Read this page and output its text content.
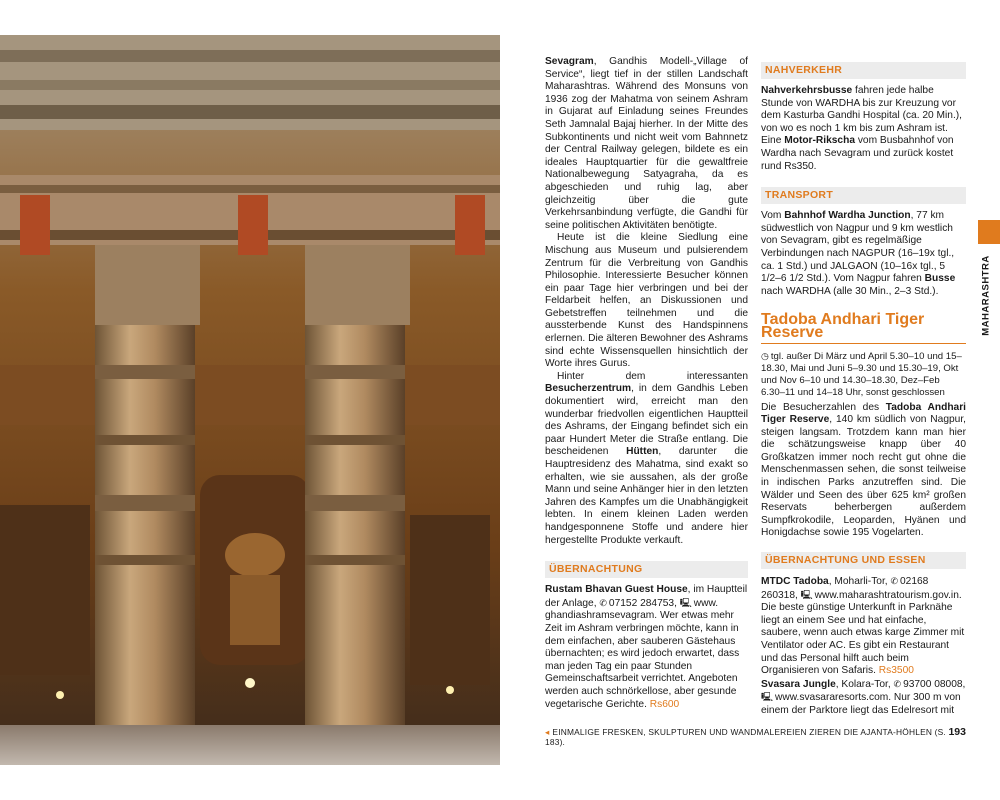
Sevagram, Gandhis Modell-„Village of Service“, liegt tief in der stillen Landschaft Maharashtras. Während des Monsuns von 1936 zog der Mahatma von seinem Ashram in Gujarat auf Einladung seines Freundes Seth Jamnalal Bajaj hierher. In der Mitte des Subkontinents und nicht weit vom Bahnnetz der Central Railway gelegen, bildete es ein ideales Hauptquartier für die gewaltfreie Nationalbewegung Satyagraha, da es abgeschieden und ruhig lag, aber gleichzeitig über die gute Verkehrsanbindung verfügte, die Gandhi für seine politischen Aktivitäten benötigte.

Heute ist die kleine Siedlung eine Mischung aus Museum und pulsierendem Zentrum für die Verbreitung von Gandhis Philosophie. Interessierte Besucher können ein paar Tage hier verbringen und bei der Feldarbeit helfen, an Diskussionen und Gebetstreffen teilnehmen und die aussterbende Kunst des Handspinnens erlernen. Die älteren Bewohner des Ashrams sind echte Wissensquellen hinsichtlich der Worte ihres Gurus.

Hinter dem interessanten Besucherzentrum, in dem Gandhis Leben dokumentiert wird, erreicht man den wunderbar friedvollen eigentlichen Hauptteil des Ashrams, der Eingang befindet sich ein paar Hundert Meter die Straße entlang. Die bescheidenen Hütten, darunter die Hauptresidenz des Mahatma, sind exakt so erhalten, wie sie aussahen, als der große Mann und seine Anhänger hier in den letzten Jahren des Kampfes um die Unabhängigkeit lebten. In einem kleinen Laden werden handgesponnene Stoffe und andere hier hergestellte Produkte verkauft.

ÜBERNACHTUNG

Rustam Bhavan Guest House, im Hauptteil der Anlage, ✆ 07152 284753, 🖳 www. ghandiashramsevagram. Wer etwas mehr Zeit im Ashram verbringen möchte, kann in dem einfachen, aber sauberen Gästehaus übernachten; es wird jedoch erwartet, dass man jeden Tag ein paar Stunden Gemeinschaftsarbeit verrichtet. Angeboten werden auch schnörkellose, aber gesunde vegetarische Gerichte. Rs600

NAHVERKEHR

Nahverkehrsbusse fahren jede halbe Stunde von WARDHA bis zur Kreuzung vor dem Kasturba Gandhi Hospital (ca. 20 Min.), von wo es noch 1 km bis zum Ashram ist. Eine Motor-Rikscha vom Busbahnhof von Wardha nach Sevagram und zurück kostet rund Rs350.

TRANSPORT

Vom Bahnhof Wardha Junction, 77 km südwestlich von Nagpur und 9 km westlich von Sevagram, gibt es regelmäßige Verbindungen nach NAGPUR (16–19x tgl., ca. 1 Std.) und JALGAON (10–16x tgl., 5 1/2–6 1/2 Std.). Vom Nagpur fahren Busse nach WARDHA (alle 30 Min., 2–3 Std.).

Tadoba Andhari Tiger Reserve

◷ tgl. außer Di März und April 5.30–10 und 15–18.30, Mai und Juni 5–9.30 und 15.30–19, Okt und Nov 6–10 und 14.30–18.30, Dez–Feb 6.30–11 und 14–18 Uhr, sonst geschlossen

Die Besucherzahlen des Tadoba Andhari Tiger Reserve, 140 km südlich von Nagpur, steigen langsam. Trotzdem kann man hier die schätzungsweise knapp über 40 Großkatzen immer noch recht gut ohne die Menschenmassen sehen, die sonst teilweise in indischen Parks anzutreffen sind. Die Wälder und Seen des über 625 km² großen Reservats beherbergen außerdem Sumpfkrokodile, Leoparden, Hyänen und Honigdachse sowie 195 Vogelarten.

ÜBERNACHTUNG UND ESSEN

MTDC Tadoba, Moharli-Tor, ✆ 02168 260318, 🖳 www.maharashtratourism.gov.in. Die beste günstige Unterkunft in Parknähe liegt an einem See und hat einfache, saubere, wenn auch etwas karge Zimmer mit Ventilator oder AC. Es gibt ein Restaurant und das Personal hilft auch beim Organisieren von Safaris. Rs3500

Svasara Jungle, Kolara-Tor, ✆ 93700 08008, 🖳 www.svasararesorts.com. Nur 300 m von einem der Parktore liegt das Edelresort mit

MAHARASHTRA
◂ EINMALIGE FRESKEN, SKULPTUREN UND WANDMALEREIEN ZIEREN DIE AJANTA-HÖHLEN (S. 183).
193
